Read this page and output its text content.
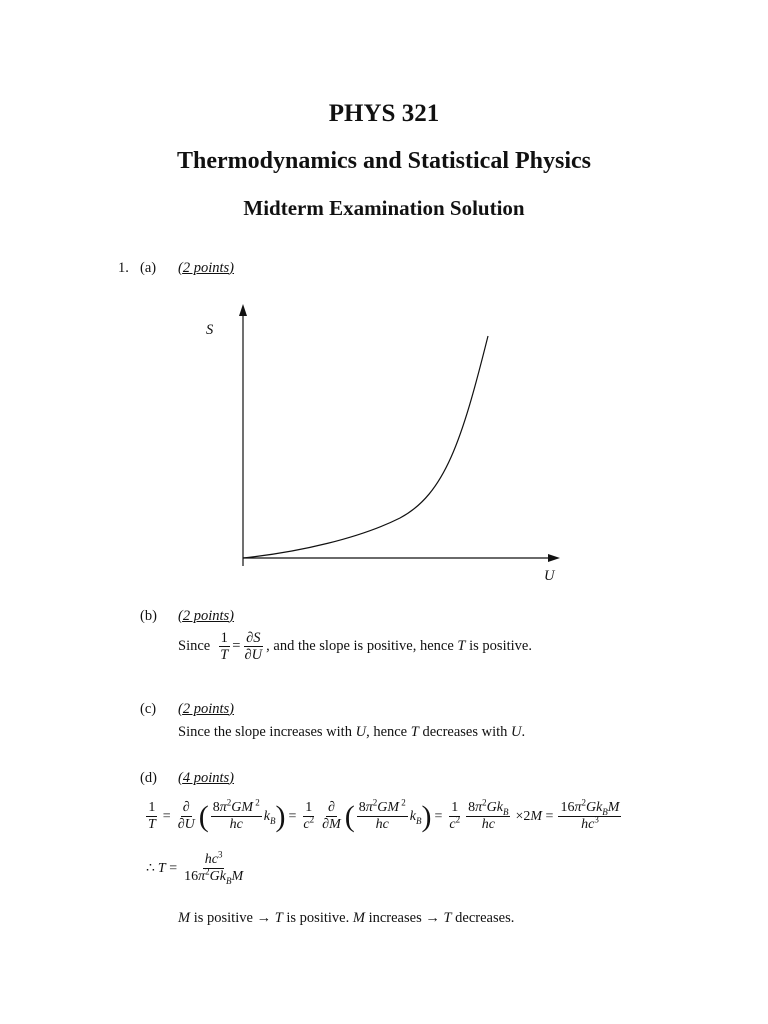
PHYS 321
Thermodynamics and Statistical Physics
Midterm Examination Solution
1. (a) (2 points)
S
U
(b) (2 points)
Since $\frac{1}{T} = \frac{\partial S}{\partial U}$ , and the slope is positive, hence
T
is positive.
(c) (2 points)
Since the slope increases with U, hence T decreases with U.
(d) (4 points)
$\frac{1}{T} = \frac{\partial}{\partial U}$ ( $\frac{8\pi^2GM ^2}{hc} k_B$ ) = $\frac{1}{c^2} \frac{\partial}{\partial M}$ ( $\frac{8\pi^2GM ^2}{hc} k_B$ ) = $\frac{1}{c^2} \frac{8\pi^2Gk_B}{hc} \times 2M = \frac{16\pi^2Gk_BM}{hc^3}$
∴ $T = \frac{hc^3}{16\pi^2Gk_BM}$
M is positive → T is positive. M increases → T decreases.
